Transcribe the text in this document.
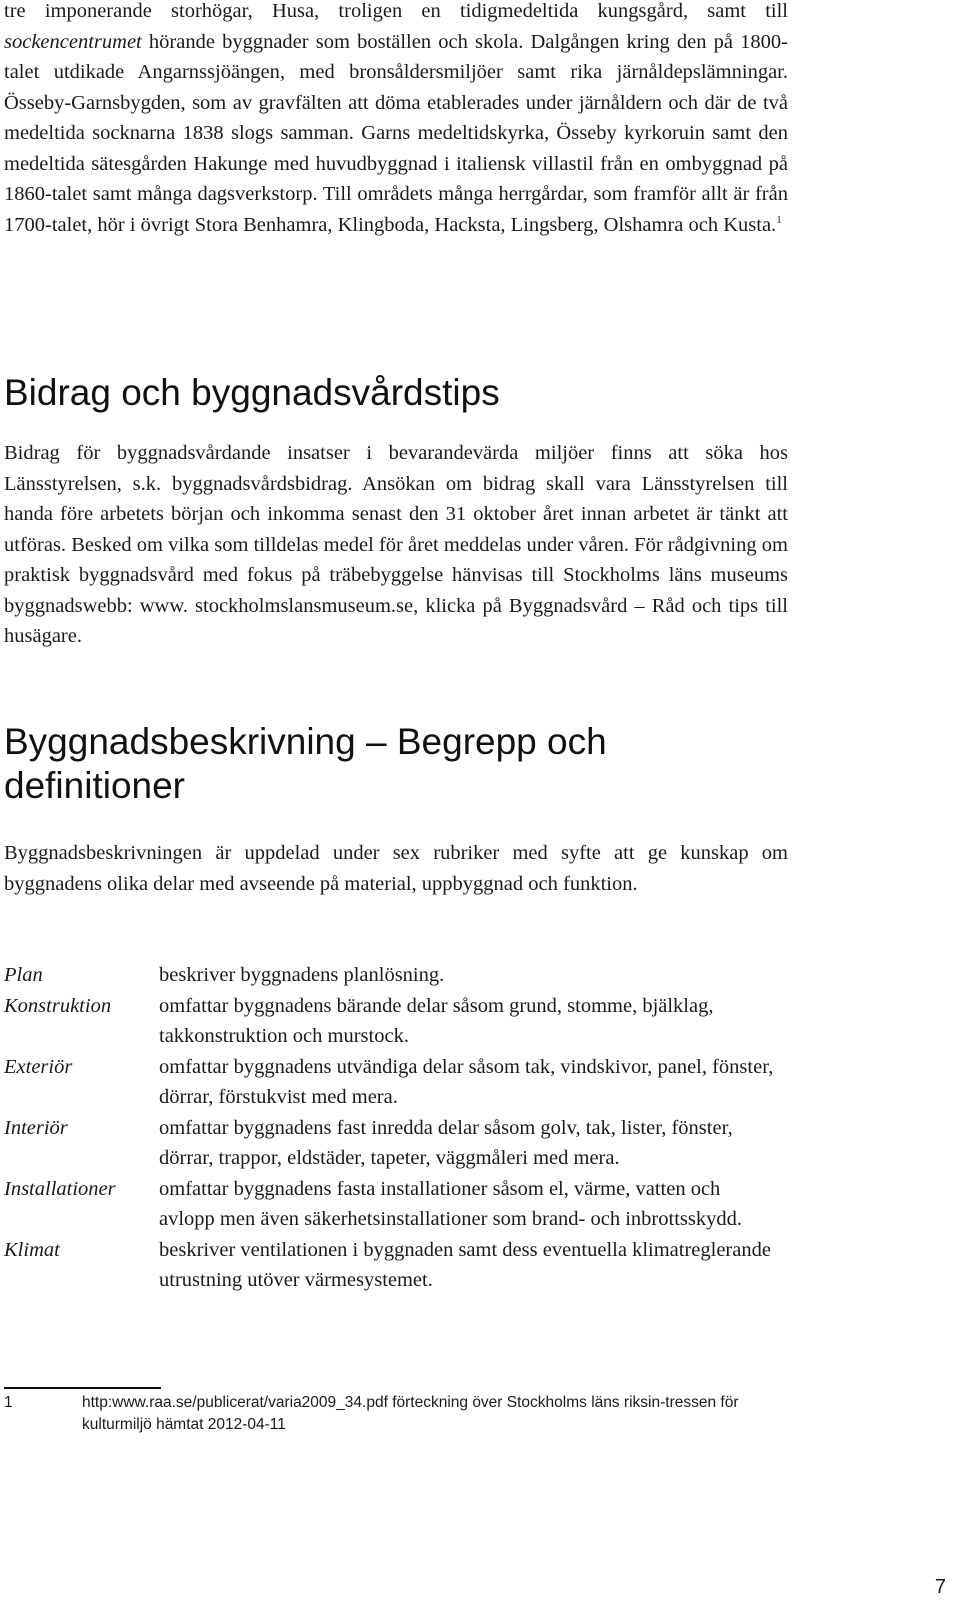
tre imponerande storhögar, Husa, troligen en tidigmedeltida kungsgård, samt till sockencentrumet hörande byggnader som boställen och skola. Dalgången kring den på 1800-talet utdikade Angarnssjöängen, med bronsåldersmiljöer samt rika järnåldерslämningar. Össeby-Garnsbygden, som av gravfälten att döma etablerades under järnåldern och där de två medeltida socknarna 1838 slogs samman. Garns medeltidskyrka, Össeby kyrkoruin samt den medeltida sätesgården Hakunge med huvudbyggnad i italiensk villastil från en ombyggnad på 1860-talet samt många dagsverkstorp. Till områdets många herrgårdar, som framför allt är från 1700-talet, hör i övrigt Stora Benhamra, Klingboda, Hacksta, Lingsberg, Olshamra och Kusta.$^1$

Bidrag och byggnadsvårdstips

Bidrag för byggnadsvårdande insatser i bevarandevärda miljöer finns att söka hos Länsstyrelsen, s.k. byggnadsvårdsbidrag. Ansökan om bidrag skall vara Länsstyrelsen till handa före arbetets början och inkomma senast den 31 oktober året innan arbetet är tänkt att utföras. Besked om vilka som tilldelas medel för året meddelas under våren. För rådgivning om praktisk byggnadsvård med fokus på träbebyggelse hänvisas till Stockholms läns museums byggnadswebb: www. stockholmslansmuseum.se, klicka på Byggnadsvård – Råd och tips till husägare.

Byggnadsbeskrivning – Begrepp och definitioner

Byggnadsbeskrivningen är uppdelad under sex rubriker med syfte att ge kunskap om byggnadens olika delar med avseende på material, uppbyggnad och funktion.

Plan	beskriver byggnadens planlösning.
Konstruktion	omfattar byggnadens bärande delar såsom grund, stomme, bjälklag, takkonstruktion och murstock.
Exteriör	omfattar byggnadens utvändiga delar såsom tak, vindskivor, panel, fönster, dörrar, förstukvist med mera.
Interiör	omfattar byggnadens fast inredda delar såsom golv, tak, lister, fönster, dörrar, trappor, eldstäder, tapeter, väggmåleri med mera.
Installationer	omfattar byggnadens fasta installationer såsom el, värme, vatten och avlopp men även säkerhetsinstallationer som brand- och inbrottsskydd.
Klimat	beskriver ventilationen i byggnaden samt dess eventuella klimatreglerande utrustning utöver värmesystemet.
1	http:www.raa.se/publicerat/varia2009_34.pdf förteckning över Stockholms läns riksin-tressen för kulturmiljö hämtat 2012-04-11
7
